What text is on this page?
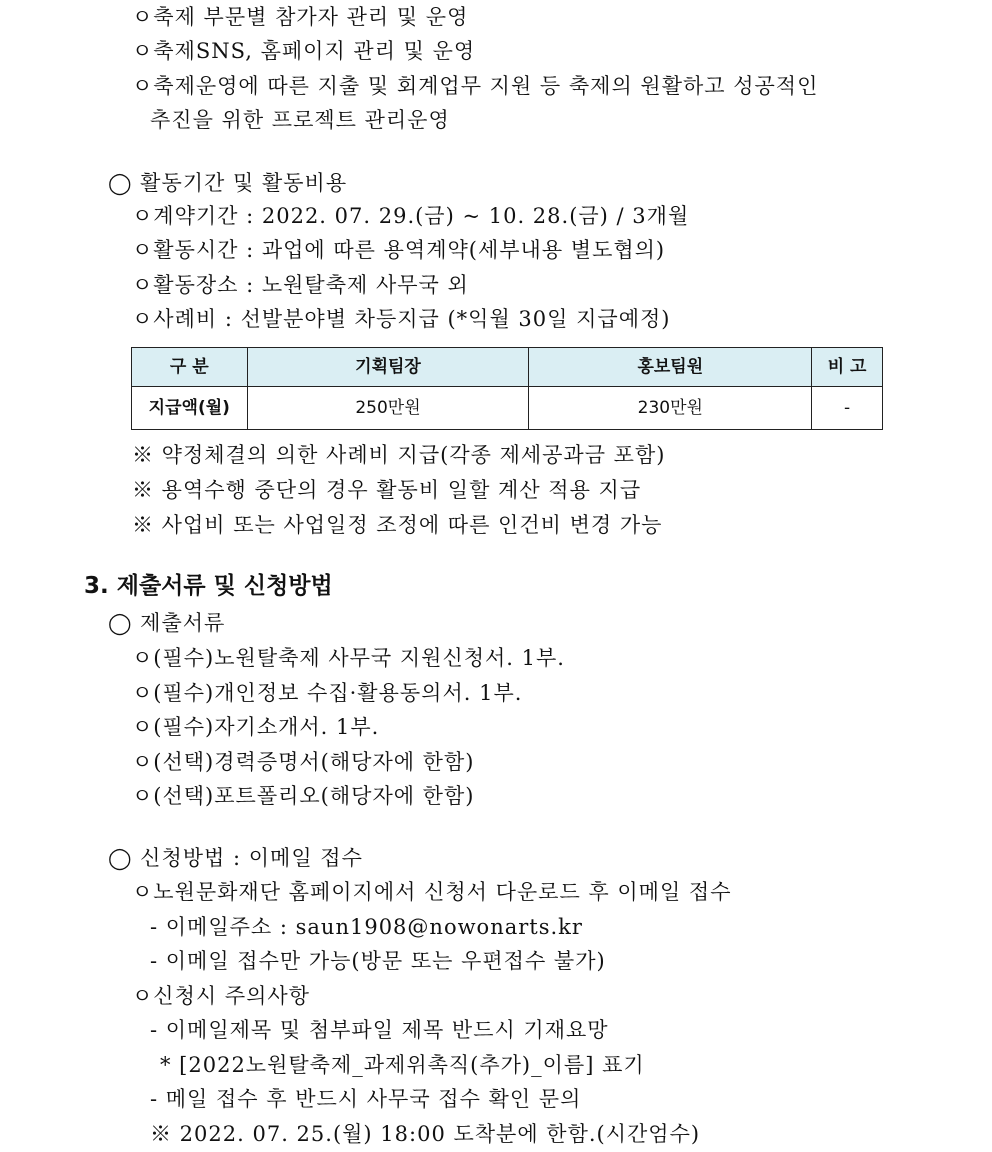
ㅇ축제 부문별 참가자 관리 및 운영
ㅇ축제SNS, 홈페이지 관리 및 운영
ㅇ축제운영에 따른 지출 및 회계업무 지원 등 축제의 원활하고 성공적인
추진을 위한 프로젝트 관리운영
◯ 활동기간 및 활동비용
ㅇ계약기간 : 2022. 07. 29.(금) ~ 10. 28.(금) / 3개월
ㅇ활동시간 : 과업에 따른 용역계약(세부내용 별도협의)
ㅇ활동장소 : 노원탈축제 사무국 외
ㅇ사례비 : 선발분야별 차등지급 (*익월 30일 지급예정)
구 분	기획팀장	홍보팀원	비 고
지급액(월)	250만원	230만원	-
※ 약정체결의 의한 사례비 지급(각종 제세공과금 포함)
※ 용역수행 중단의 경우 활동비 일할 계산 적용 지급
※ 사업비 또는 사업일정 조정에 따른 인건비 변경 가능
3. 제출서류 및 신청방법
◯ 제출서류
ㅇ(필수)노원탈축제 사무국 지원신청서. 1부.
ㅇ(필수)개인정보 수집·활용동의서. 1부.
ㅇ(필수)자기소개서. 1부.
ㅇ(선택)경력증명서(해당자에 한함)
ㅇ(선택)포트폴리오(해당자에 한함)
◯ 신청방법 : 이메일 접수
ㅇ노원문화재단 홈페이지에서 신청서 다운로드 후 이메일 접수
- 이메일주소 : saun1908@nowonarts.kr
- 이메일 접수만 가능(방문 또는 우편접수 불가)
ㅇ신청시 주의사항
- 이메일제목 및 첨부파일 제목 반드시 기재요망
* [2022노원탈축제_과제위촉직(추가)_이름] 표기
- 메일 접수 후 반드시 사무국 접수 확인 문의
※ 2022. 07. 25.(월) 18:00 도착분에 한함.(시간엄수)
